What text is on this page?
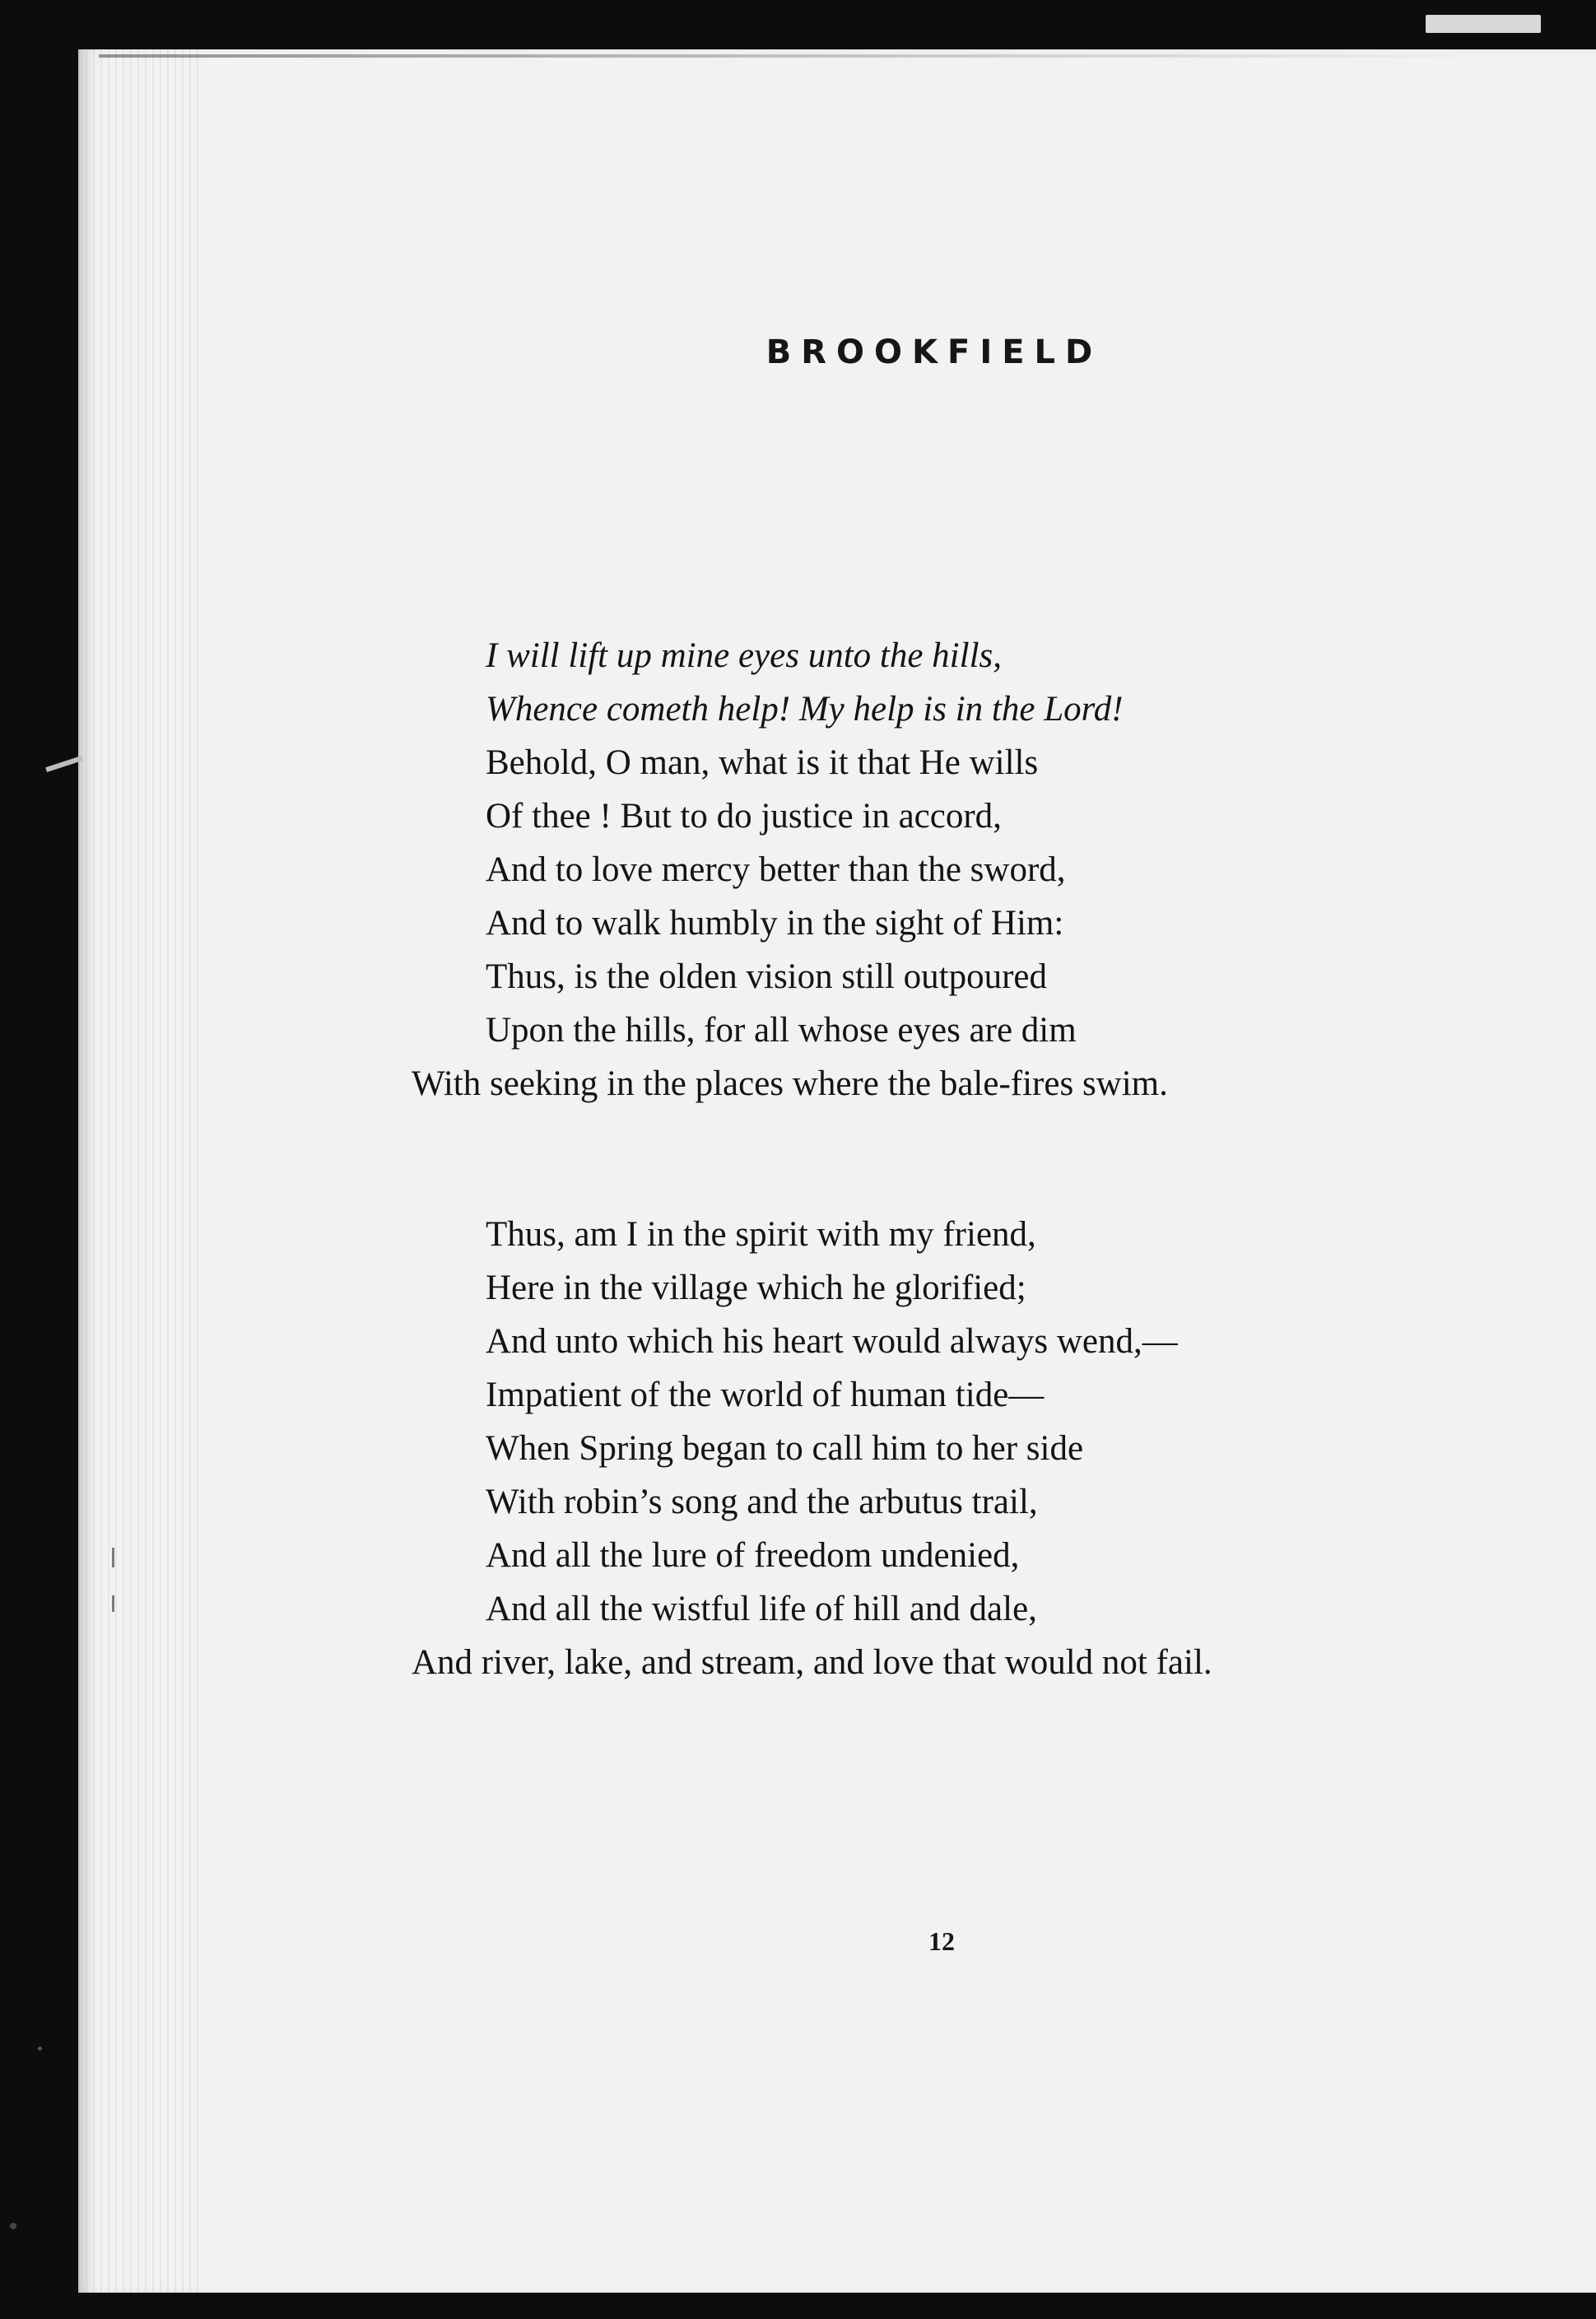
BROOKFIELD
I will lift up mine eyes unto the hills,
Whence cometh help! My help is in the Lord!
Behold, O man, what is it that He wills
Of thee ! But to do justice in accord,
And to love mercy better than the sword,
And to walk humbly in the sight of Him:
Thus, is the olden vision still outpoured
Upon the hills, for all whose eyes are dim
With seeking in the places where the bale-fires swim.
Thus, am I in the spirit with my friend,
Here in the village which he glorified;
And unto which his heart would always wend,—
Impatient of the world of human tide—
When Spring began to call him to her side
With robin’s song and the arbutus trail,
And all the lure of freedom undenied,
And all the wistful life of hill and dale,
And river, lake, and stream, and love that would not fail.
12
